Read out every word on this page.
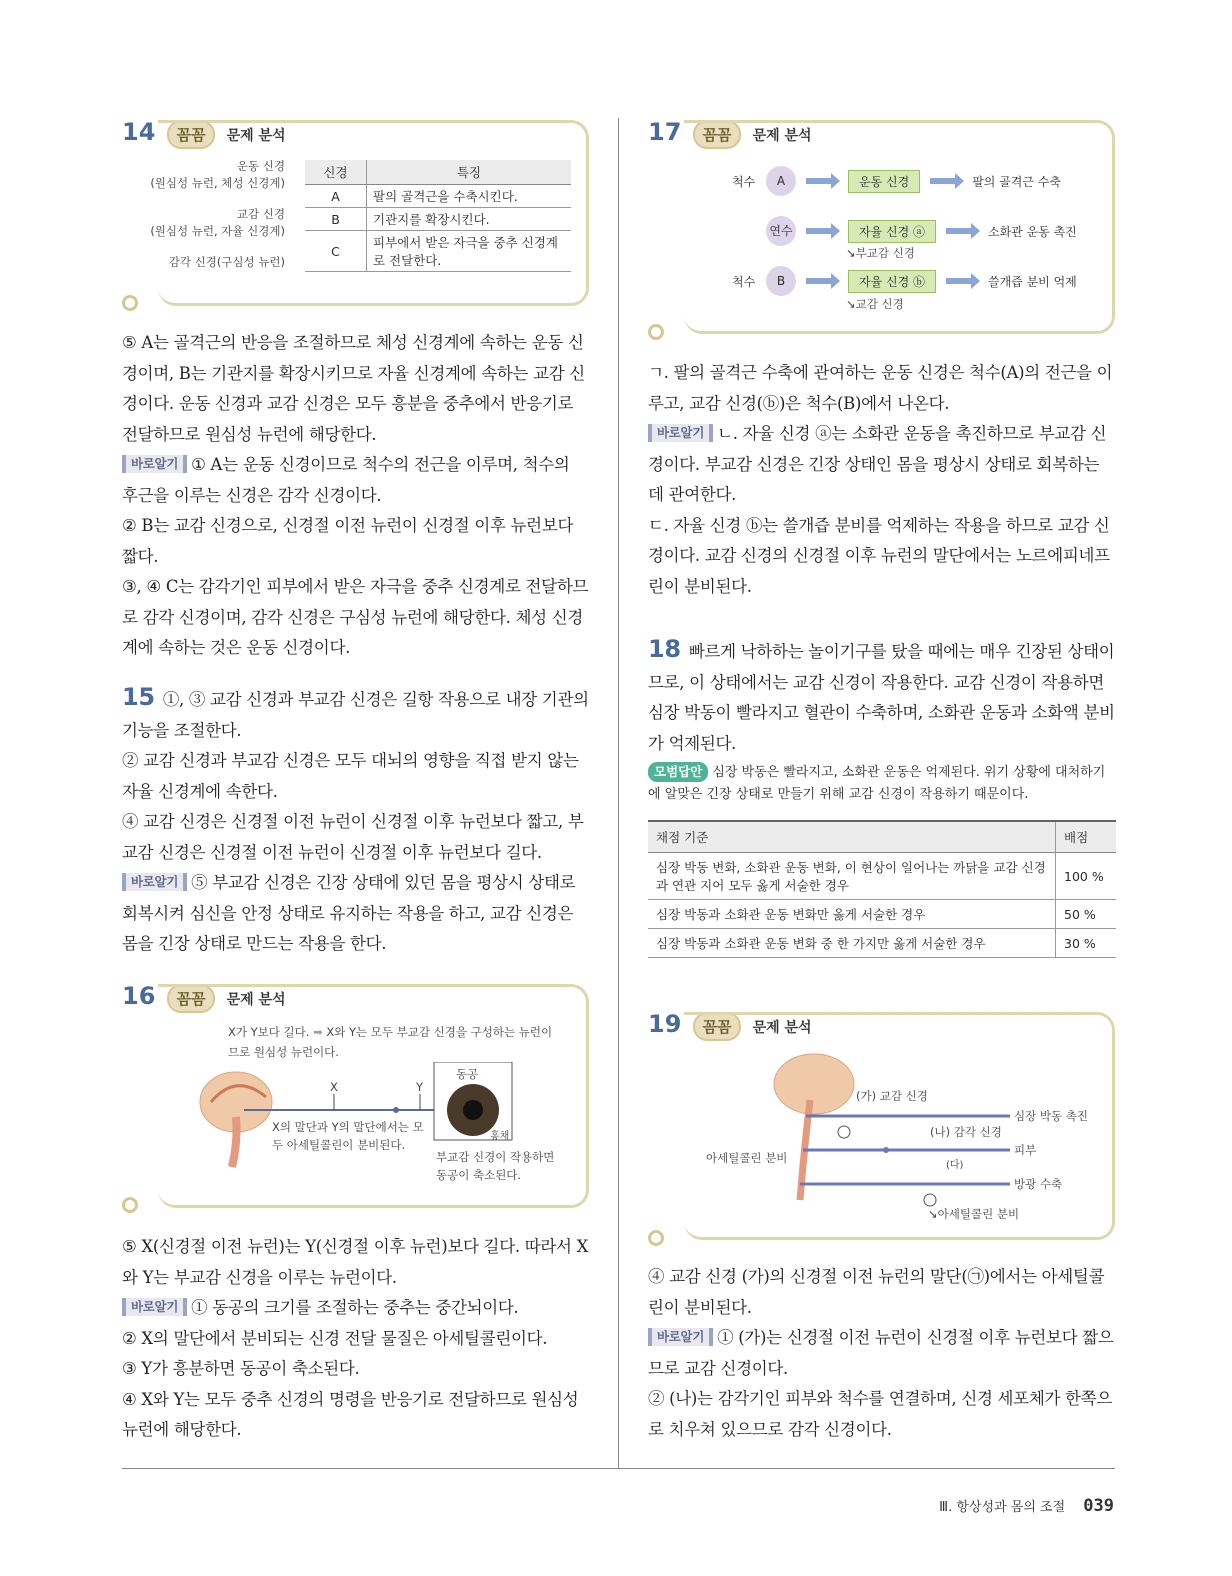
14 꼼꼼 문제 분석
운동 신경
(원심성 뉴런, 체성 신경계)
교감 신경
(원심성 뉴런, 자율 신경계)
감각 신경(구심성 뉴런)
신경	특징
A	팔의 골격근을 수축시킨다.
B	기관지를 확장시킨다.
C	피부에서 받은 자극을 중추 신경계로 전달한다.

⑤ A는 골격근의 반응을 조절하므로 체성 신경계에 속하는 운동 신경이며, B는 기관지를 확장시키므로 자율 신경계에 속하는 교감 신경이다. 운동 신경과 교감 신경은 모두 흥분을 중추에서 반응기로 전달하므로 원심성 뉴런에 해당한다.

바로알기 ① A는 운동 신경이므로 척수의 전근을 이루며, 척수의 후근을 이루는 신경은 감각 신경이다.

② B는 교감 신경으로, 신경절 이전 뉴런이 신경절 이후 뉴런보다 짧다.

③, ④ C는 감각기인 피부에서 받은 자극을 중추 신경계로 전달하므로 감각 신경이며, 감각 신경은 구심성 뉴런에 해당한다. 체성 신경계에 속하는 것은 운동 신경이다.

15 ①, ③ 교감 신경과 부교감 신경은 길항 작용으로 내장 기관의 기능을 조절한다.

② 교감 신경과 부교감 신경은 모두 대뇌의 영향을 직접 받지 않는 자율 신경계에 속한다.

④ 교감 신경은 신경절 이전 뉴런이 신경절 이후 뉴런보다 짧고, 부교감 신경은 신경절 이전 뉴런이 신경절 이후 뉴런보다 길다.

바로알기 ⑤ 부교감 신경은 긴장 상태에 있던 몸을 평상시 상태로 회복시켜 심신을 안정 상태로 유지하는 작용을 하고, 교감 신경은 몸을 긴장 상태로 만드는 작용을 한다.

16 꼼꼼 문제 분석
X가 Y보다 길다. ➡ X와 Y는 모두 부교감 신경을 구성하는 뉴런이므로 원심성 뉴런이다.
X	Y
동공
홍채
X의 말단과 Y의 말단에서는 모두 아세틸콜린이 분비된다.
부교감 신경이 작용하면 동공이 축소된다.

⑤ X(신경절 이전 뉴런)는 Y(신경절 이후 뉴런)보다 길다. 따라서 X와 Y는 부교감 신경을 이루는 뉴런이다.

바로알기 ① 동공의 크기를 조절하는 중추는 중간뇌이다.

② X의 말단에서 분비되는 신경 전달 물질은 아세틸콜린이다.

③ Y가 흥분하면 동공이 축소된다.

④ X와 Y는 모두 중추 신경의 명령을 반응기로 전달하므로 원심성 뉴런에 해당한다.

17 꼼꼼 문제 분석
척수	A	운동 신경	팔의 골격근 수축
연수	자율 신경 ⓐ	소화관 운동 촉진
↘부교감 신경
척수	B	자율 신경 ⓑ	쓸개즙 분비 억제
↘교감 신경

ㄱ. 팔의 골격근 수축에 관여하는 운동 신경은 척수(A)의 전근을 이루고, 교감 신경(ⓑ)은 척수(B)에서 나온다.

바로알기 ㄴ. 자율 신경 ⓐ는 소화관 운동을 촉진하므로 부교감 신경이다. 부교감 신경은 긴장 상태인 몸을 평상시 상태로 회복하는 데 관여한다.

ㄷ. 자율 신경 ⓑ는 쓸개즙 분비를 억제하는 작용을 하므로 교감 신경이다. 교감 신경의 신경절 이후 뉴런의 말단에서는 노르에피네프린이 분비된다.

18 빠르게 낙하하는 놀이기구를 탔을 때에는 매우 긴장된 상태이므로, 이 상태에서는 교감 신경이 작용한다. 교감 신경이 작용하면 심장 박동이 빨라지고 혈관이 수축하며, 소화관 운동과 소화액 분비가 억제된다.

모범답안 심장 박동은 빨라지고, 소화관 운동은 억제된다. 위기 상황에 대처하기에 알맞은 긴장 상태로 만들기 위해 교감 신경이 작용하기 때문이다.
채점 기준	배점
심장 박동 변화, 소화관 운동 변화, 이 현상이 일어나는 까닭을 교감 신경과 연관 지어 모두 옳게 서술한 경우	100 %
심장 박동과 소화관 운동 변화만 옳게 서술한 경우	50 %
심장 박동과 소화관 운동 변화 중 한 가지만 옳게 서술한 경우	30 %
19 꼼꼼 문제 분석
(가) 교감 신경
(나) 감각 신경
(다)
심장 박동 촉진
피부
방광 수축
아세틸콜린 분비
↘아세틸콜린 분비

④ 교감 신경 (가)의 신경절 이전 뉴런의 말단(㉠)에서는 아세틸콜린이 분비된다.

바로알기 ① (가)는 신경절 이전 뉴런이 신경절 이후 뉴런보다 짧으므로 교감 신경이다.

② (나)는 감각기인 피부와 척수를 연결하며, 신경 세포체가 한쪽으로 치우쳐 있으므로 감각 신경이다.

Ⅲ. 항상성과 몸의 조절 039
